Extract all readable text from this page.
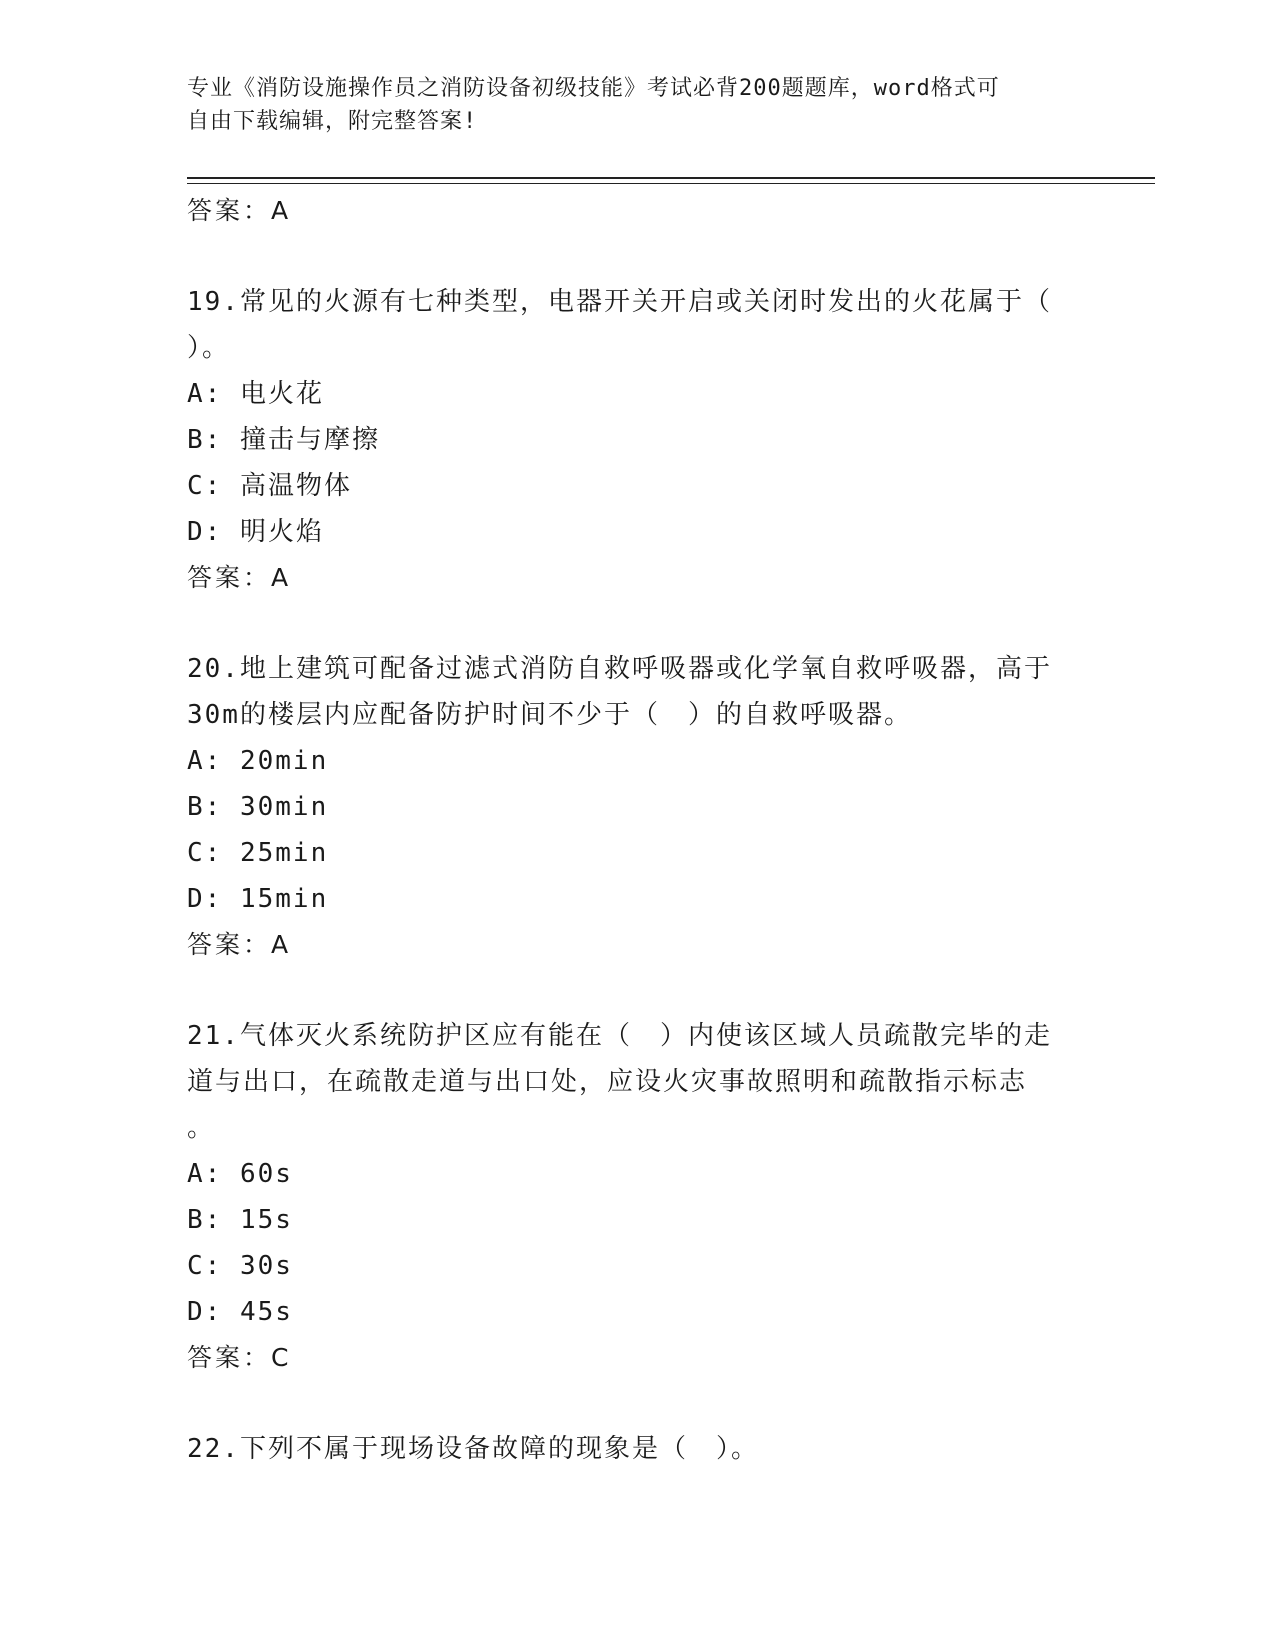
专业《消防设施操作员之消防设备初级技能》考试必背200题题库，word格式可
自由下载编辑，附完整答案!
答案：A
19.常见的火源有七种类型，电器开关开启或关闭时发出的火花属于（
）。
A: 电火花
B: 撞击与摩擦
C: 高温物体
D: 明火焰
答案：A
20.地上建筑可配备过滤式消防自救呼吸器或化学氧自救呼吸器，高于
30m的楼层内应配备防护时间不少于（　）的自救呼吸器。
A: 20min
B: 30min
C: 25min
D: 15min
答案：A
21.气体灭火系统防护区应有能在（　）内使该区域人员疏散完毕的走
道与出口，在疏散走道与出口处，应设火灾事故照明和疏散指示标志
。
A: 60s
B: 15s
C: 30s
D: 45s
答案：C
22.下列不属于现场设备故障的现象是（　）。
